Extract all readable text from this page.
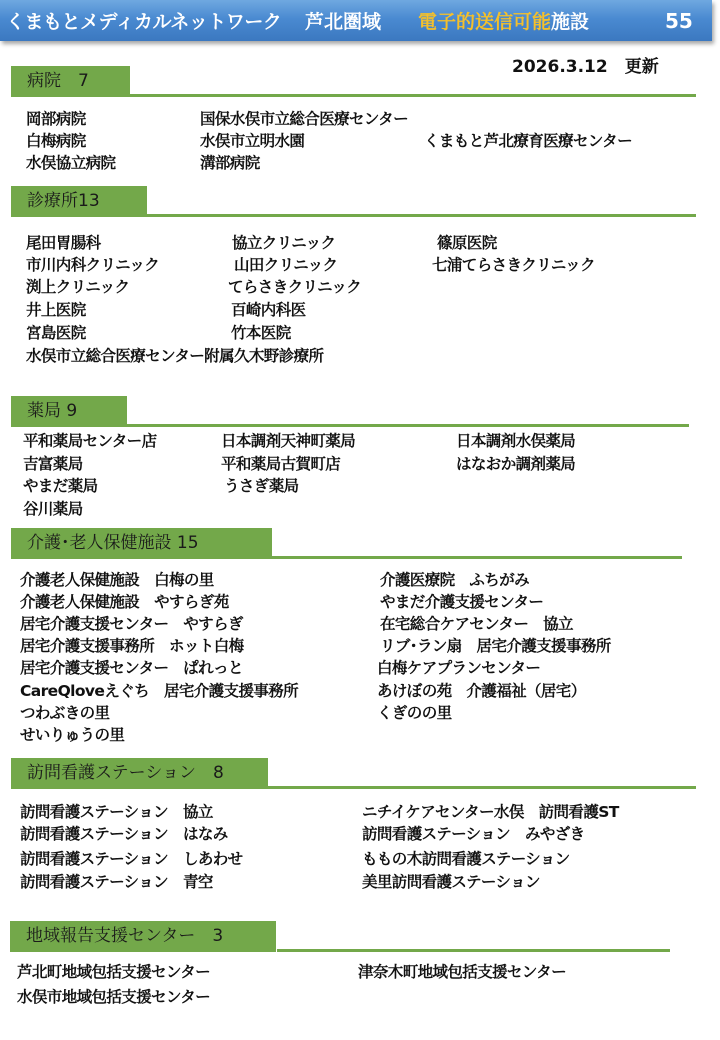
くまもとメディカルネットワーク 芦北圏域 電子的送信可能施設	55
2026.3.12　更新
病院　7
岡部病院	国保水俣市立総合医療センター
白梅病院	水俣市立明水園	くまもと芦北療育医療センター
水俣協立病院	溝部病院
診療所13
尾田胃腸科	協立クリニック	篠原医院
市川内科クリニック	山田クリニック	七浦てらさきクリニック
渕上クリニック	てらさきクリニック
井上医院	百崎内科医
宮島医院	竹本医院
水俣市立総合医療センター附属久木野診療所
薬局 9
平和薬局センター店	日本調剤天神町薬局	日本調剤水俣薬局
吉富薬局	平和薬局古賀町店	はなおか調剤薬局
やまだ薬局	うさぎ薬局
谷川薬局
介護･老人保健施設 15
介護老人保健施設　白梅の里	介護医療院　ふちがみ
介護老人保健施設　やすらぎ苑	やまだ介護支援センター
居宅介護支援センター　やすらぎ	在宅総合ケアセンター　協立
居宅介護支援事務所　ホット白梅	リブ･ラン扇　居宅介護支援事務所
居宅介護支援センター　ぱれっと	白梅ケアプランセンター
CareQloveえぐち　居宅介護支援事務所	あけぼの苑　介護福祉（居宅）
つわぶきの里	くぎのの里
せいりゅうの里
訪問看護ステーション　8
訪問看護ステーション　協立	ニチイケアセンター水俣　訪問看護ST
訪問看護ステーション　はなみ	訪問看護ステーション　みやざき
訪問看護ステーション　しあわせ	ももの木訪問看護ステーション
訪問看護ステーション　青空	美里訪問看護ステーション
地域報告支援センター　3
芦北町地域包括支援センター	津奈木町地域包括支援センター
水俣市地域包括支援センター
